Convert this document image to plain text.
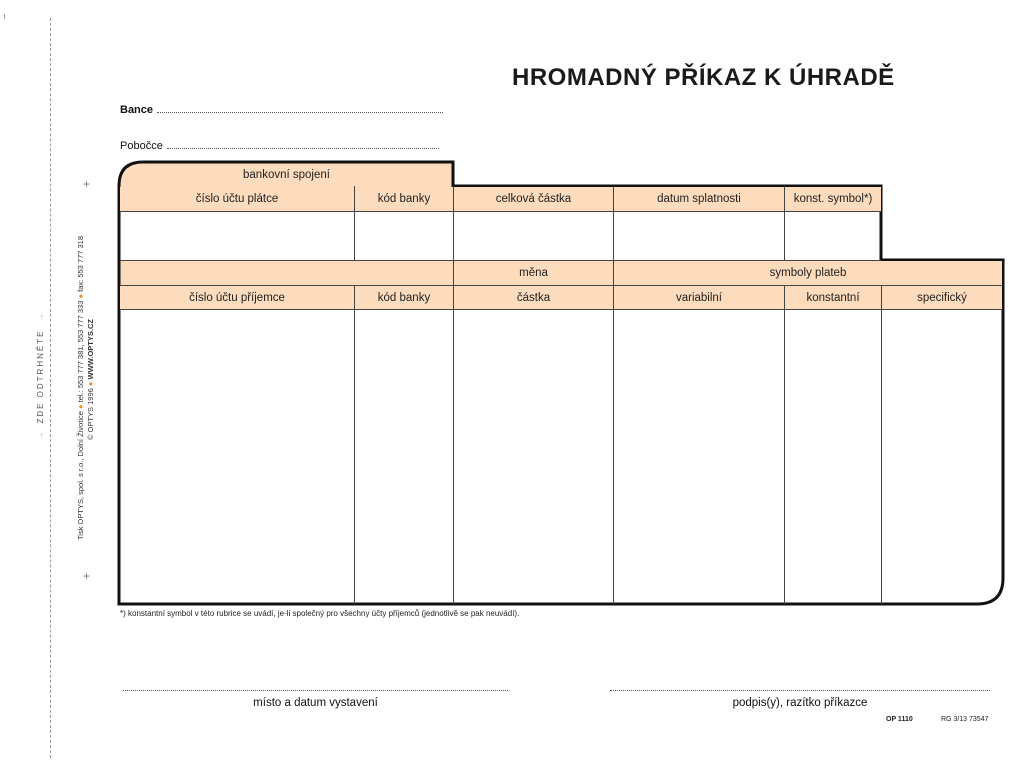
→  ZDE ODTRHNĚTE  →
Tisk OPTYS, spol. s r.o., Dolní Životice ● tel.: 553 777 381, 553 777 333 ● fax: 553 777 318
© OPTYS 1996 ● WWW.OPTYS.CZ
+
+
HROMADNÝ PŘÍKAZ K ÚHRADĚ
Bance
Pobočce
bankovní spojení
číslo účtu plátce	kód banky	celková částka	datum splatnosti	konst. symbol*)
měna	symboly plateb
číslo účtu příjemce	kód banky	částka	variabilní	konstantní	specifický
*) konstantní symbol v této rubrice se uvádí, je-li společný pro všechny účty příjemců (jednotlivě se pak neuvádí).
místo a datum vystavení	podpis(y), razítko příkazce
OP 1110	RG 3/13 73547
